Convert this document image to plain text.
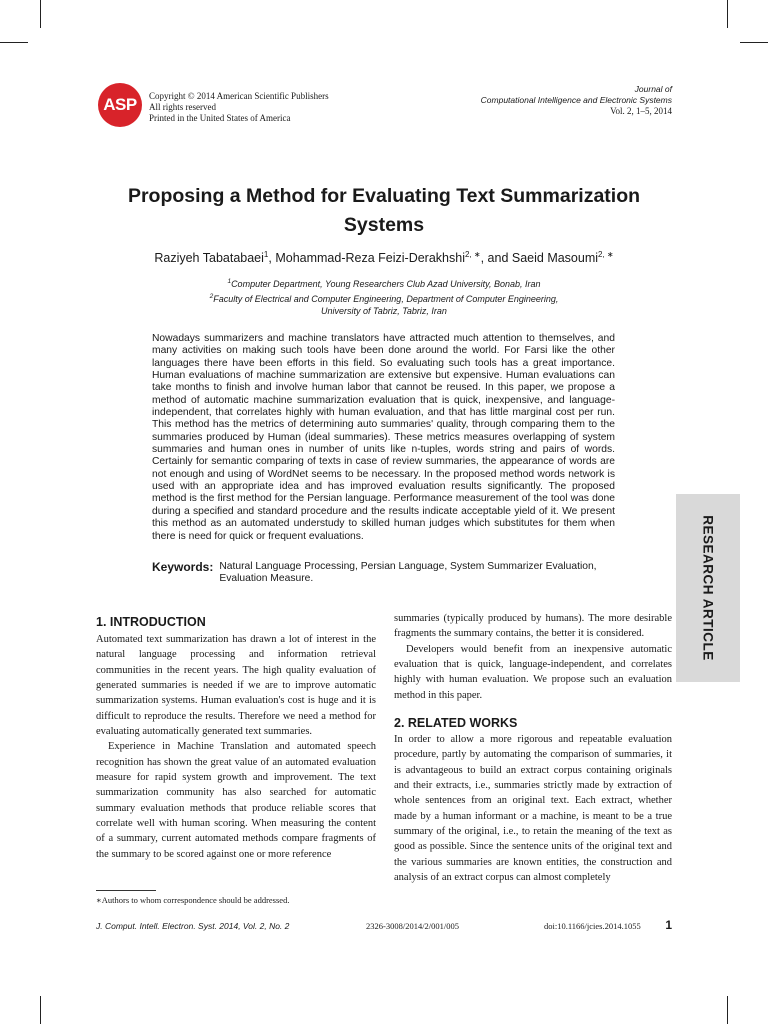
ASP	Copyright © 2014 American Scientific Publishers
All rights reserved
Printed in the United States of America
Journal of
Computational Intelligence and Electronic Systems
Vol. 2, 1–5, 2014
Proposing a Method for Evaluating Text Summarization Systems
Raziyeh Tabatabaei$^1$, Mohammad-Reza Feizi-Derakhshi$^{2, ∗}$, and Saeid Masoumi$^{2, ∗}$
$^1$Computer Department, Young Researchers Club Azad University, Bonab, Iran
$^2$Faculty of Electrical and Computer Engineering, Department of Computer Engineering,
University of Tabriz, Tabriz, Iran
Nowadays summarizers and machine translators have attracted much attention to themselves, and many activities on making such tools have been done around the world. For Farsi like the other languages there have been efforts in this field. So evaluating such tools has a great importance. Human evaluations of machine summarization are extensive but expensive. Human evaluations can take months to finish and involve human labor that cannot be reused. In this paper, we propose a method of automatic machine summarization evaluation that is quick, inexpensive, and language-independent, that correlates highly with human evaluation, and that has little marginal cost per run. This method has the metrics of determining auto summaries' quality, through comparing them to the summaries produced by Human (ideal summaries). These metrics measures overlapping of system summaries and human ones in number of units like n-tuples, words string and pairs of words. Certainly for semantic comparing of texts in case of review summaries, the appearance of words are not enough and using of WordNet seems to be necessary. In the proposed method words network is used with an appropriate idea and has improved evaluation results significantly. The proposed method is the first method for the Persian language. Performance measurement of the tool was done during a specified and standard procedure and the results indicate acceptable yield of it. We present this method as an automated understudy to skilled human judges which substitutes for them when there is need for quick or frequent evaluations.
Keywords: Natural Language Processing, Persian Language, System Summarizer Evaluation, Evaluation Measure.	RESEARCH ARTICLE
1. INTRODUCTION

Automated text summarization has drawn a lot of interest in the natural language processing and information retrieval communities in the recent years. The high quality evaluation of generated summaries is needed if we are to improve automatic summarization systems. Human evaluation's cost is huge and it is difficult to reproduce the results. Therefore we need a method for evaluating automatically generated text summaries.

Experience in Machine Translation and automated speech recognition has shown the great value of an automated evaluation measure for rapid system growth and improvement. The text summarization community has also searched for automatic summary evaluation methods that produce reliable scores that correlate well with human scoring. When measuring the content of a summary, current automated methods compare fragments of the summary to be scored against one or more reference

summaries (typically produced by humans). The more desirable fragments the summary contains, the better it is considered.

Developers would benefit from an inexpensive automatic evaluation that is quick, language-independent, and correlates highly with human evaluation. We propose such an evaluation method in this paper.

2. RELATED WORKS

In order to allow a more rigorous and repeatable evaluation procedure, partly by automating the comparison of summaries, it is advantageous to build an extract corpus containing originals and their extracts, i.e., summaries strictly made by extraction of whole sentences from an original text. Each extract, whether made by a human informant or a machine, is meant to be a true summary of the original, i.e., to retain the meaning of the text as good as possible. Since the sentence units of the original text and the various summaries are known entities, the construction and analysis of an extract corpus can almost completely

∗Authors to whom correspondence should be addressed.
J. Comput. Intell. Electron. Syst. 2014, Vol. 2, No. 2	2326-3008/2014/2/001/005	doi:10.1166/jcies.2014.1055 1
